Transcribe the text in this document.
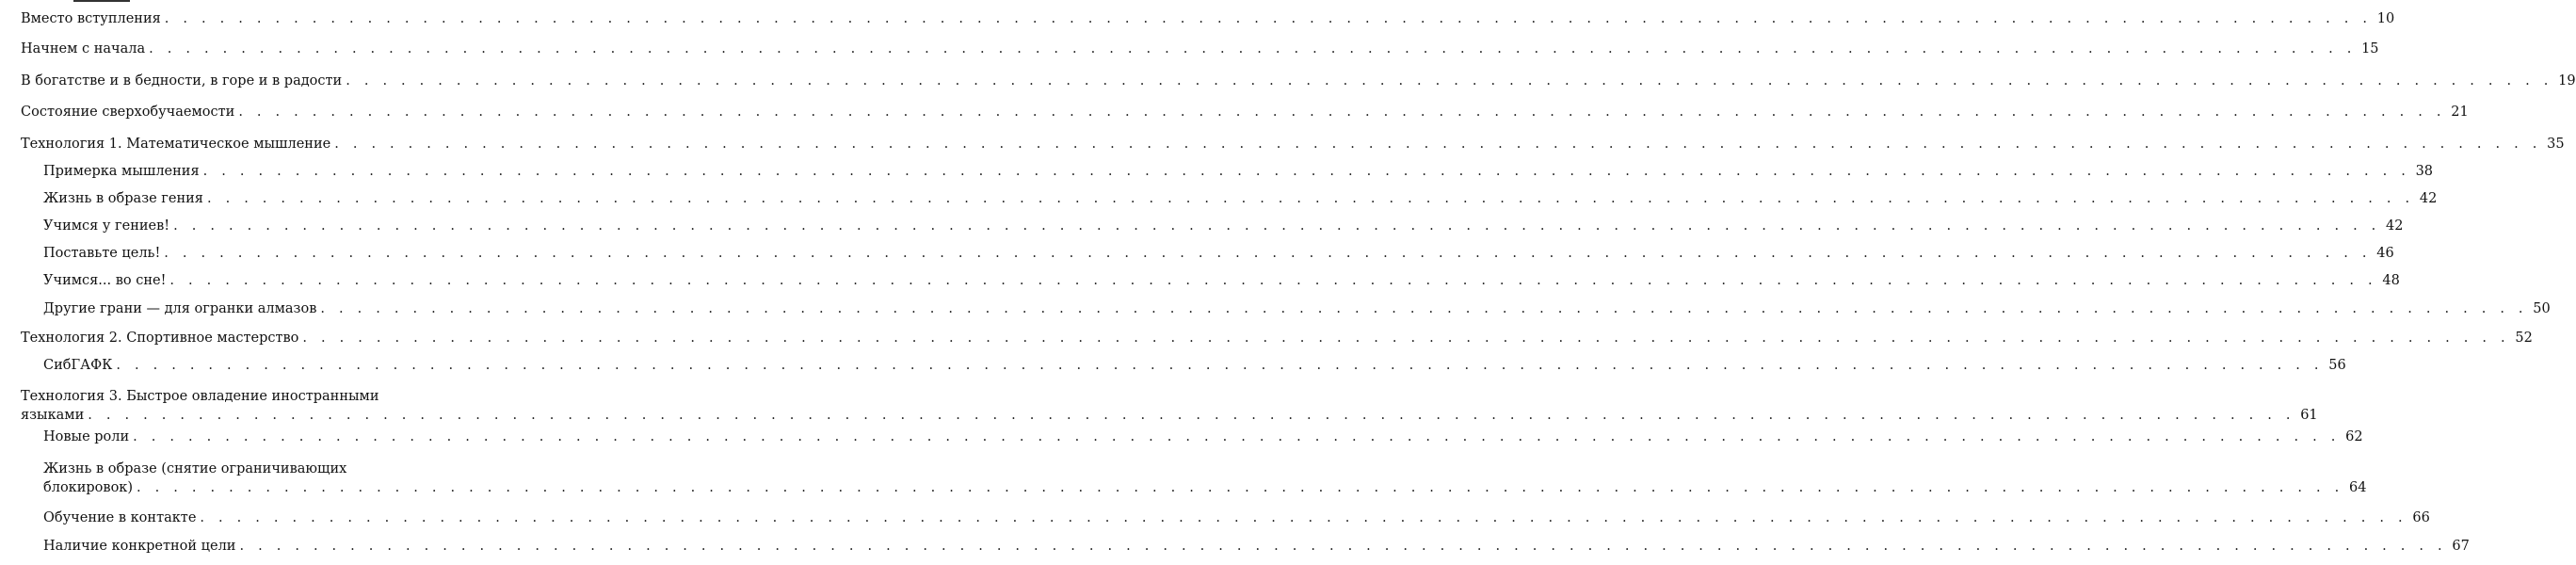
Вместо вступления . . . . . . . . . . . . . . . . . . . . . . . . . . . . . . . . . . . . . . . . . . . . . . . . . . . . . . . . . . . . . . . . . . . . . . . . . . . . . . . . . . . . . . . . . . . . . . . . . . . . . . . . . . . . . . . . . . . . . . . . 10
Начнем с начала . . . . . . . . . . . . . . . . . . . . . . . . . . . . . . . . . . . . . . . . . . . . . . . . . . . . . . . . . . . . . . . . . . . . . . . . . . . . . . . . . . . . . . . . . . . . . . . . . . . . . . . . . . . . . . . . . . . . . . . . 15
В богатстве и в бедности, в горе и в радости . . . . . . . . . . . . . . . . . . . . . . . . . . . . . . . . . . . . . . . . . . . . . . . . . . . . . . . . . . . . . . . . . . . . . . . . . . . . . . . . . . . . . . . . . . . . . . . . . . . . . . . . . . . . . . . . . . . . . . . . 19
Состояние сверхобучаемости . . . . . . . . . . . . . . . . . . . . . . . . . . . . . . . . . . . . . . . . . . . . . . . . . . . . . . . . . . . . . . . . . . . . . . . . . . . . . . . . . . . . . . . . . . . . . . . . . . . . . . . . . . . . . . . . . . . . . . . . 21
Технология 1. Математическое мышление . . . . . . . . . . . . . . . . . . . . . . . . . . . . . . . . . . . . . . . . . . . . . . . . . . . . . . . . . . . . . . . . . . . . . . . . . . . . . . . . . . . . . . . . . . . . . . . . . . . . . . . . . . . . . . . . . . . . . . . . 35
Примерка мышления . . . . . . . . . . . . . . . . . . . . . . . . . . . . . . . . . . . . . . . . . . . . . . . . . . . . . . . . . . . . . . . . . . . . . . . . . . . . . . . . . . . . . . . . . . . . . . . . . . . . . . . . . . . . . . . . . . . . . . . . 38
Жизнь в образе гения . . . . . . . . . . . . . . . . . . . . . . . . . . . . . . . . . . . . . . . . . . . . . . . . . . . . . . . . . . . . . . . . . . . . . . . . . . . . . . . . . . . . . . . . . . . . . . . . . . . . . . . . . . . . . . . . . . . . . . . . 42
Учимся у гениев! . . . . . . . . . . . . . . . . . . . . . . . . . . . . . . . . . . . . . . . . . . . . . . . . . . . . . . . . . . . . . . . . . . . . . . . . . . . . . . . . . . . . . . . . . . . . . . . . . . . . . . . . . . . . . . . . . . . . . . . . 42
Поставьте цель! . . . . . . . . . . . . . . . . . . . . . . . . . . . . . . . . . . . . . . . . . . . . . . . . . . . . . . . . . . . . . . . . . . . . . . . . . . . . . . . . . . . . . . . . . . . . . . . . . . . . . . . . . . . . . . . . . . . . . . . . 46
Учимся... во сне! . . . . . . . . . . . . . . . . . . . . . . . . . . . . . . . . . . . . . . . . . . . . . . . . . . . . . . . . . . . . . . . . . . . . . . . . . . . . . . . . . . . . . . . . . . . . . . . . . . . . . . . . . . . . . . . . . . . . . . . . 48
Другие грани — для огранки алмазов . . . . . . . . . . . . . . . . . . . . . . . . . . . . . . . . . . . . . . . . . . . . . . . . . . . . . . . . . . . . . . . . . . . . . . . . . . . . . . . . . . . . . . . . . . . . . . . . . . . . . . . . . . . . . . . . . . . . . . . . 50
Технология 2. Спортивное мастерство . . . . . . . . . . . . . . . . . . . . . . . . . . . . . . . . . . . . . . . . . . . . . . . . . . . . . . . . . . . . . . . . . . . . . . . . . . . . . . . . . . . . . . . . . . . . . . . . . . . . . . . . . . . . . . . . . . . . . . . . 52
СибГАФК . . . . . . . . . . . . . . . . . . . . . . . . . . . . . . . . . . . . . . . . . . . . . . . . . . . . . . . . . . . . . . . . . . . . . . . . . . . . . . . . . . . . . . . . . . . . . . . . . . . . . . . . . . . . . . . . . . . . . . . . 56
Технология 3. Быстрое овладение иностранными
языками . . . . . . . . . . . . . . . . . . . . . . . . . . . . . . . . . . . . . . . . . . . . . . . . . . . . . . . . . . . . . . . . . . . . . . . . . . . . . . . . . . . . . . . . . . . . . . . . . . . . . . . . . . . . . . . . . . . . . . . . 61
Новые роли . . . . . . . . . . . . . . . . . . . . . . . . . . . . . . . . . . . . . . . . . . . . . . . . . . . . . . . . . . . . . . . . . . . . . . . . . . . . . . . . . . . . . . . . . . . . . . . . . . . . . . . . . . . . . . . . . . . . . . . . 62
Жизнь в образе (снятие ограничивающих
блокировок) . . . . . . . . . . . . . . . . . . . . . . . . . . . . . . . . . . . . . . . . . . . . . . . . . . . . . . . . . . . . . . . . . . . . . . . . . . . . . . . . . . . . . . . . . . . . . . . . . . . . . . . . . . . . . . . . . . . . . . . . 64
Обучение в контакте . . . . . . . . . . . . . . . . . . . . . . . . . . . . . . . . . . . . . . . . . . . . . . . . . . . . . . . . . . . . . . . . . . . . . . . . . . . . . . . . . . . . . . . . . . . . . . . . . . . . . . . . . . . . . . . . . . . . . . . . 66
Наличие конкретной цели . . . . . . . . . . . . . . . . . . . . . . . . . . . . . . . . . . . . . . . . . . . . . . . . . . . . . . . . . . . . . . . . . . . . . . . . . . . . . . . . . . . . . . . . . . . . . . . . . . . . . . . . . . . . . . . . . . . . . . . . 67
